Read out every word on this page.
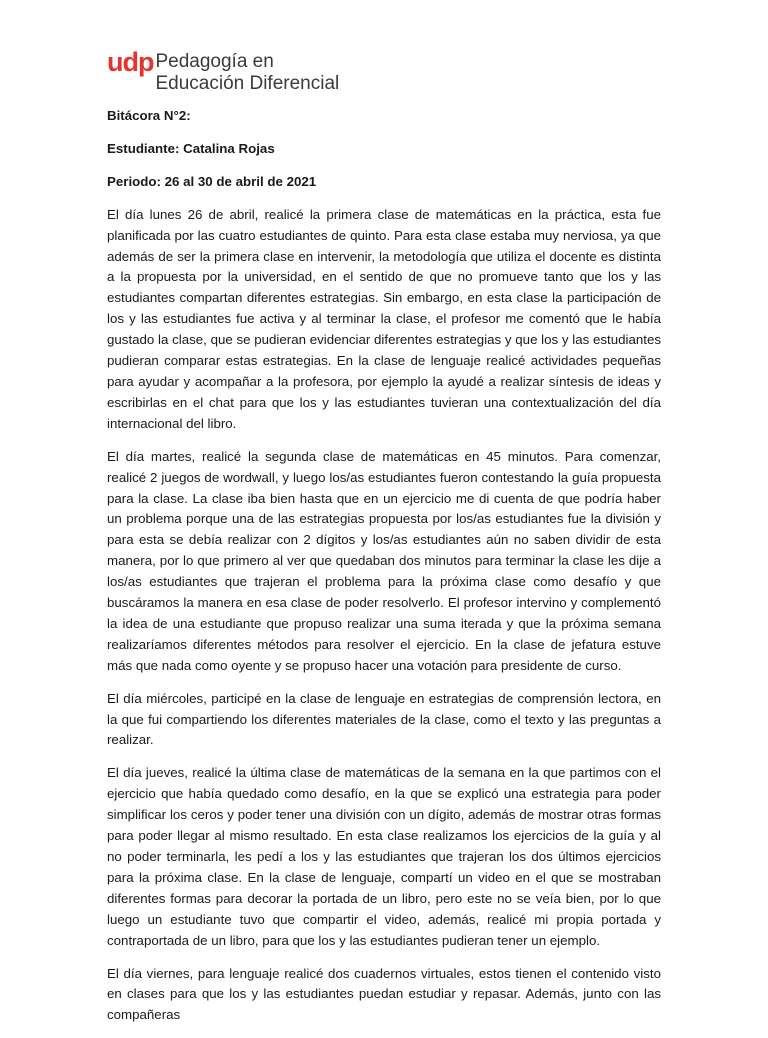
udp Pedagogía en
Educación Diferencial

Bitácora N°2:

Estudiante: Catalina Rojas

Periodo: 26 al 30 de abril de 2021

El día lunes 26 de abril, realicé la primera clase de matemáticas en la práctica, esta fue planificada por las cuatro estudiantes de quinto. Para esta clase estaba muy nerviosa, ya que además de ser la primera clase en intervenir, la metodología que utiliza el docente es distinta a la propuesta por la universidad, en el sentido de que no promueve tanto que los y las estudiantes compartan diferentes estrategias. Sin embargo, en esta clase la participación de los y las estudiantes fue activa y al terminar la clase, el profesor me comentó que le había gustado la clase, que se pudieran evidenciar diferentes estrategias y que los y las estudiantes pudieran comparar estas estrategias. En la clase de lenguaje realicé actividades pequeñas para ayudar y acompañar a la profesora, por ejemplo la ayudé a realizar síntesis de ideas y escribirlas en el chat para que los y las estudiantes tuvieran una contextualización del día internacional del libro.

El día martes, realicé la segunda clase de matemáticas en 45 minutos. Para comenzar, realicé 2 juegos de wordwall, y luego los/as estudiantes fueron contestando la guía propuesta para la clase. La clase iba bien hasta que en un ejercicio me di cuenta de que podría haber un problema porque una de las estrategias propuesta por los/as estudiantes fue la división y para esta se debía realizar con 2 dígitos y los/as estudiantes aún no saben dividir de esta manera, por lo que primero al ver que quedaban dos minutos para terminar la clase les dije a los/as estudiantes que trajeran el problema para la próxima clase como desafío y que buscáramos la manera en esa clase de poder resolverlo. El profesor intervino y complementó la idea de una estudiante que propuso realizar una suma iterada y que la próxima semana realizaríamos diferentes métodos para resolver el ejercicio. En la clase de jefatura estuve más que nada como oyente y se propuso hacer una votación para presidente de curso.

El día miércoles, participé en la clase de lenguaje en estrategias de comprensión lectora, en la que fui compartiendo los diferentes materiales de la clase, como el texto y las preguntas a realizar.

El día jueves, realicé la última clase de matemáticas de la semana en la que partimos con el ejercicio que había quedado como desafío, en la que se explicó una estrategia para poder simplificar los ceros y poder tener una división con un dígito, además de mostrar otras formas para poder llegar al mismo resultado. En esta clase realizamos los ejercicios de la guía y al no poder terminarla, les pedí a los y las estudiantes que trajeran los dos últimos ejercicios para la próxima clase. En la clase de lenguaje, compartí un video en el que se mostraban diferentes formas para decorar la portada de un libro, pero este no se veía bien, por lo que luego un estudiante tuvo que compartir el video, además, realicé mi propia portada y contraportada de un libro, para que los y las estudiantes pudieran tener un ejemplo.

El día viernes, para lenguaje realicé dos cuadernos virtuales, estos tienen el contenido visto en clases para que los y las estudiantes puedan estudiar y repasar. Además, junto con las compañeras
